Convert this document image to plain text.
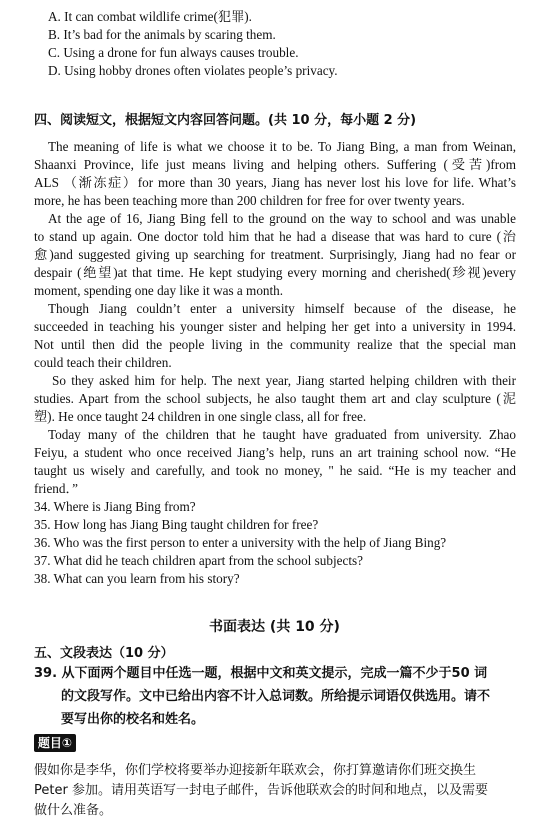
A. It can combat wildlife crime(犯罪).
B. It’s bad for the animals by scaring them.
C. Using a drone for fun always causes trouble.
D. Using hobby drones often violates people’s privacy.
四、阅读短文，根据短文内容回答问题。(共 10 分，每小题 2 分)
The meaning of life is what we choose it to be. To Jiang Bing, a man from Weinan,
Shaanxi Province, life just means living and helping others. Suffering (受苦)from
ALS （渐冻症）for more than 30 years, Jiang has never lost his love for life. What’s
more, he has been teaching more than 200 children for free for over twenty years.
At the age of 16, Jiang Bing fell to the ground on the way to school and was unable
to stand up again. One doctor told him that he had a disease that was hard to cure (治
愈)and suggested giving up searching for treatment. Surprisingly, Jiang had no fear or
despair (绝望)at that time. He kept studying every morning and cherished(珍视)every
moment, spending one day like it was a month.
Though Jiang couldn’t enter a university himself because of the disease, he
succeeded in teaching his younger sister and helping her get into a university in 1994.
Not until then did the people living in the community realize that the special man
could teach their children.
So they asked him for help. The next year, Jiang started helping children with their
studies. Apart from the school subjects, he also taught them art and clay sculpture (泥
塑). He once taught 24 children in one single class, all for free.
Today many of the children that he taught have graduated from university. Zhao
Feiyu, a student who once received Jiang’s help, runs an art training school now. “He
taught us wisely and carefully, and took no money, " he said. “He is my teacher and
friend．”
34. Where is Jiang Bing from?
35. How long has Jiang Bing taught children for free?
36. Who was the first person to enter a university with the help of Jiang Bing?
37. What did he teach children apart from the school subjects?
38. What can you learn from his story?
书面表达 (共 10 分)
五、文段表达（10 分）
39. 从下面两个题目中任选一题，根据中文和英文提示，完成一篇不少于50 词
的文段写作。文中已给出内容不计入总词数。所给提示词语仅供选用。请不
要写出你的校名和姓名。
题目①
假如你是李华，你们学校将要举办迎接新年联欢会，你打算邀请你们班交换生
Peter 参加。请用英语写一封电子邮件，告诉他联欢会的时间和地点，以及需要
做什么准备。
